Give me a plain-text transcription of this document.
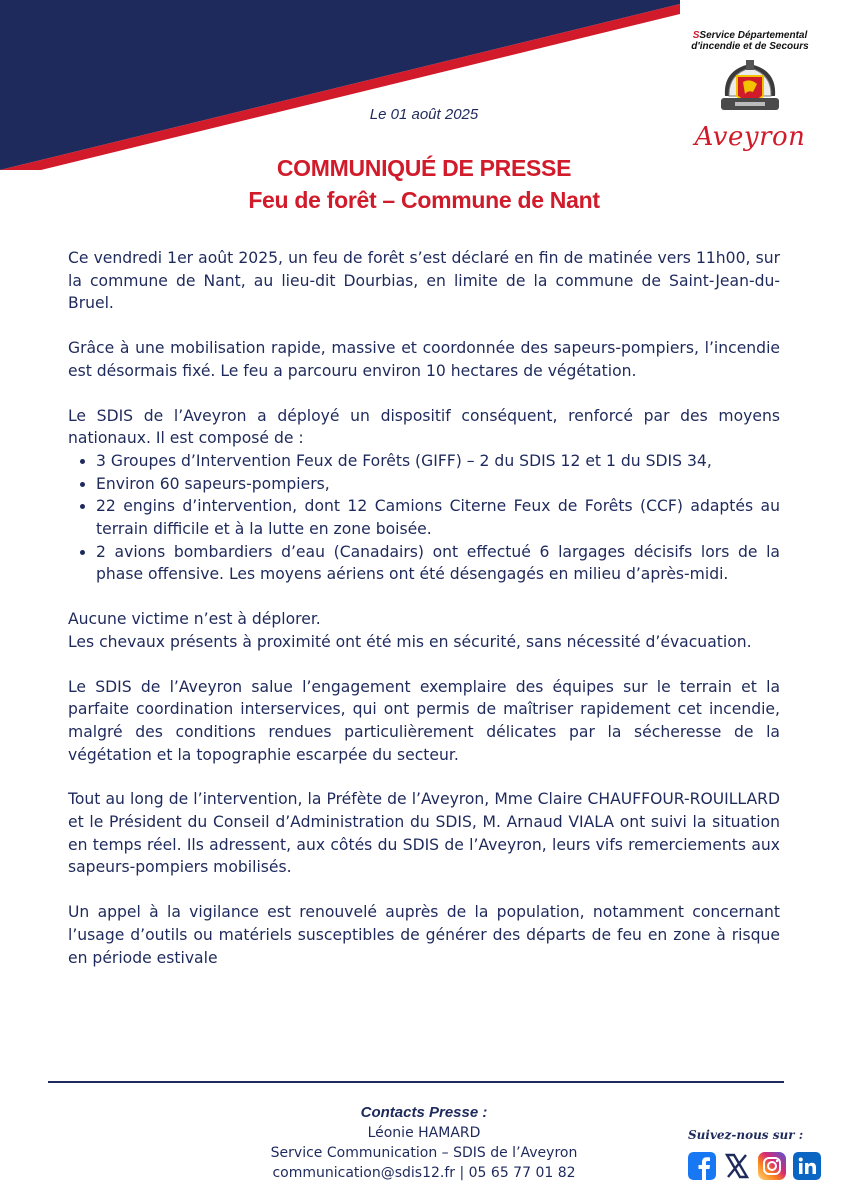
SService Départemental
d'incendie et de Secours
Aveyron
Le 01 août 2025
COMMUNIQUÉ DE PRESSE
Feu de forêt – Commune de Nant

Ce vendredi 1er août 2025, un feu de forêt s’est déclaré en fin de matinée vers 11h00, sur la commune de Nant, au lieu-dit Dourbias, en limite de la commune de Saint-Jean-du-Bruel.

Grâce à une mobilisation rapide, massive et coordonnée des sapeurs-pompiers, l’incendie est désormais fixé. Le feu a parcouru environ 10 hectares de végétation.

Le SDIS de l’Aveyron a déployé un dispositif conséquent, renforcé par des moyens nationaux. Il est composé de :

• 3 Groupes d’Intervention Feux de Forêts (GIFF) – 2 du SDIS 12 et 1 du SDIS 34,
• Environ 60 sapeurs-pompiers,
• 22 engins d’intervention, dont 12 Camions Citerne Feux de Forêts (CCF) adaptés au terrain difficile et à la lutte en zone boisée.
• 2 avions bombardiers d’eau (Canadairs) ont effectué 6 largages décisifs lors de la phase offensive. Les moyens aériens ont été désengagés en milieu d’après-midi.

Aucune victime n’est à déplorer.

Les chevaux présents à proximité ont été mis en sécurité, sans nécessité d’évacuation.

Le SDIS de l’Aveyron salue l’engagement exemplaire des équipes sur le terrain et la parfaite coordination interservices, qui ont permis de maîtriser rapidement cet incendie, malgré des conditions rendues particulièrement délicates par la sécheresse de la végétation et la topographie escarpée du secteur.

Tout au long de l’intervention, la Préfète de l’Aveyron, Mme Claire CHAUFFOUR-ROUILLARD et le Président du Conseil d’Administration du SDIS, M. Arnaud VIALA ont suivi la situation en temps réel. Ils adressent, aux côtés du SDIS de l’Aveyron, leurs vifs remerciements aux sapeurs-pompiers mobilisés.

Un appel à la vigilance est renouvelé auprès de la population, notamment concernant l’usage d’outils ou matériels susceptibles de générer des départs de feu en zone à risque en période estivale

Contacts Presse :
Léonie HAMARD
Service Communication – SDIS de l’Aveyron
communication@sdis12.fr | 05 65 77 01 82
Suivez-nous sur :
